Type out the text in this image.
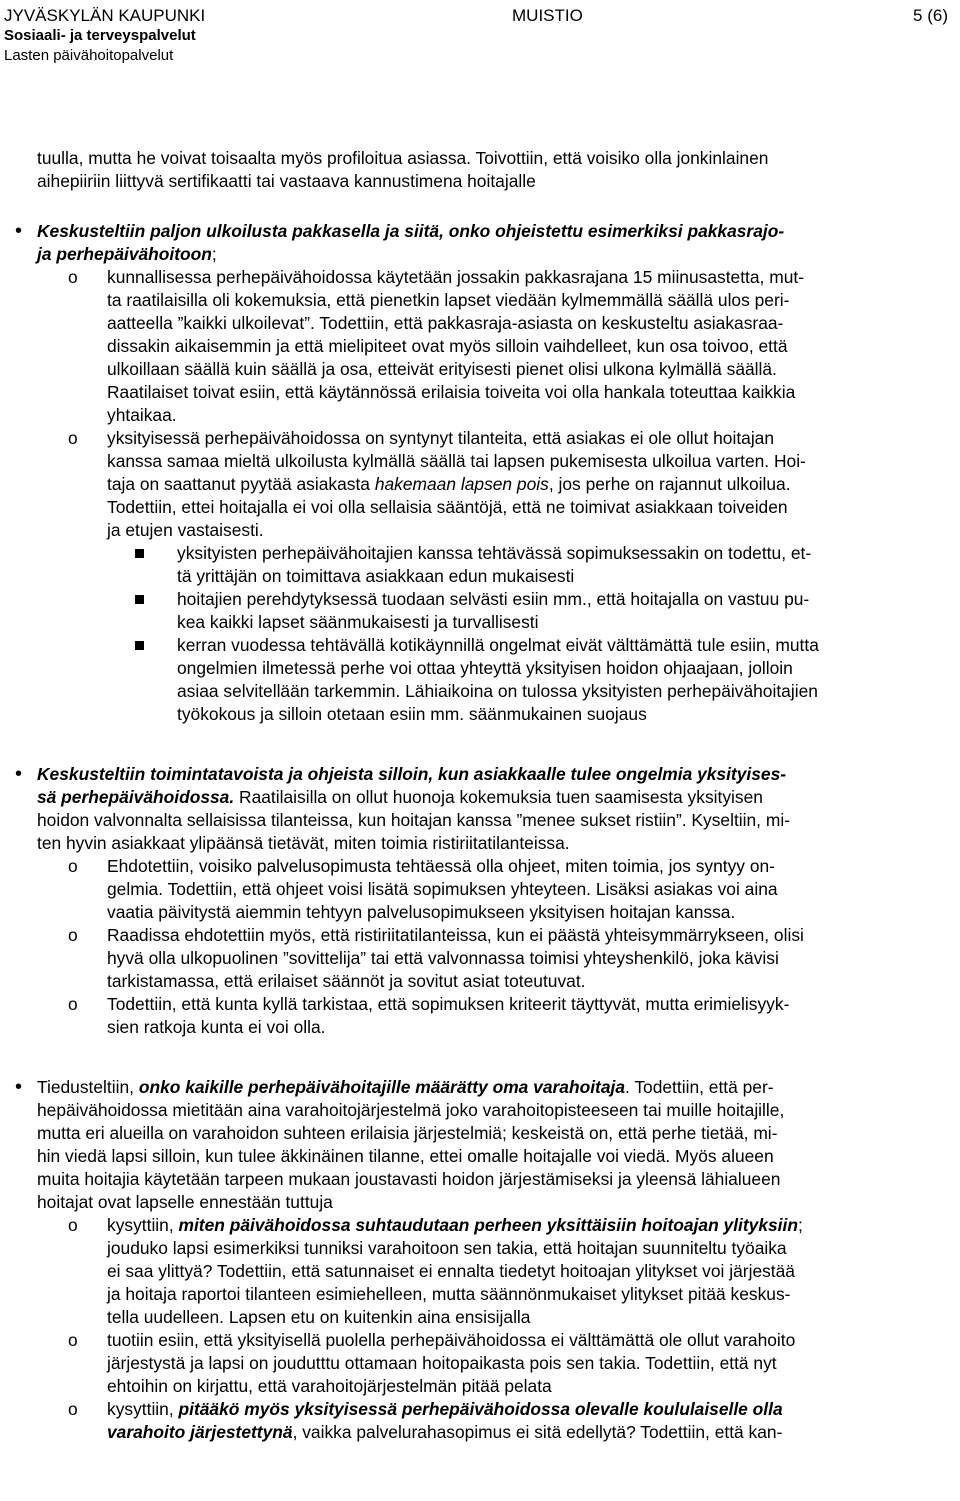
JYVÄSKYLÄN KAUPUNKI	MUISTIO	5 (6)
Sosiaali- ja terveyspalvelut
Lasten päivähoitopalvelut
tuulla, mutta he voivat toisaalta myös profiloitua asiassa. Toivottiin, että voisiko olla jonkinlainen
aihepiiriin liittyvä sertifikaatti tai vastaava kannustimena hoitajalle
• Keskusteltiin paljon ulkoilusta pakkasella ja siitä, onko ohjeistettu esimerkiksi pakkasrajo-
ja perhepäivähoitoon;
o kunnallisessa perhepäivähoidossa käytetään jossakin pakkasrajana 15 miinusastetta, mut-
ta raatilaisilla oli kokemuksia, että pienetkin lapset viedään kylmemmällä säällä ulos peri-
aatteella ”kaikki ulkoilevat”. Todettiin, että pakkasraja-asiasta on keskusteltu asiakasraa-
dissakin aikaisemmin ja että mielipiteet ovat myös silloin vaihdelleet, kun osa toivoo, että
ulkoillaan säällä kuin säällä ja osa, etteivät erityisesti pienet olisi ulkona kylmällä säällä.
Raatilaiset toivat esiin, että käytännössä erilaisia toiveita voi olla hankala toteuttaa kaikkia
yhtaikaa.
o yksityisessä perhepäivähoidossa on syntynyt tilanteita, että asiakas ei ole ollut hoitajan
kanssa samaa mieltä ulkoilusta kylmällä säällä tai lapsen pukemisesta ulkoilua varten. Hoi-
taja on saattanut pyytää asiakasta hakemaan lapsen pois, jos perhe on rajannut ulkoilua.
Todettiin, ettei hoitajalla ei voi olla sellaisia sääntöjä, että ne toimivat asiakkaan toiveiden
ja etujen vastaisesti.
yksityisten perhepäivähoitajien kanssa tehtävässä sopimuksessakin on todettu, et-
tä yrittäjän on toimittava asiakkaan edun mukaisesti
hoitajien perehdytyksessä tuodaan selvästi esiin mm., että hoitajalla on vastuu pu-
kea kaikki lapset säänmukaisesti ja turvallisesti
kerran vuodessa tehtävällä kotikäynnillä ongelmat eivät välttämättä tule esiin, mutta
ongelmien ilmetessä perhe voi ottaa yhteyttä yksityisen hoidon ohjaajaan, jolloin
asiaa selvitellään tarkemmin. Lähiaikoina on tulossa yksityisten perhepäivähoitajien
työkokous ja silloin otetaan esiin mm. säänmukainen suojaus
• Keskusteltiin toimintatavoista ja ohjeista silloin, kun asiakkaalle tulee ongelmia yksityises-
sä perhepäivähoidossa. Raatilaisilla on ollut huonoja kokemuksia tuen saamisesta yksityisen
hoidon valvonnalta sellaisissa tilanteissa, kun hoitajan kanssa ”menee sukset ristiin”. Kyseltiin, mi-
ten hyvin asiakkaat ylipäänsä tietävät, miten toimia ristiriitatilanteissa.
o Ehdotettiin, voisiko palvelusopimusta tehtäessä olla ohjeet, miten toimia, jos syntyy on-
gelmia. Todettiin, että ohjeet voisi lisätä sopimuksen yhteyteen. Lisäksi asiakas voi aina
vaatia päivitystä aiemmin tehtyyn palvelusopimukseen yksityisen hoitajan kanssa.
o Raadissa ehdotettiin myös, että ristiriitatilanteissa, kun ei päästä yhteisymmärrykseen, olisi
hyvä olla ulkopuolinen ”sovittelija” tai että valvonnassa toimisi yhteyshenkilö, joka kävisi
tarkistamassa, että erilaiset säännöt ja sovitut asiat toteutuvat.
o Todettiin, että kunta kyllä tarkistaa, että sopimuksen kriteerit täyttyvät, mutta erimielisyyk-
sien ratkoja kunta ei voi olla.
• Tiedusteltiin, onko kaikille perhepäivähoitajille määrätty oma varahoitaja. Todettiin, että per-
hepäivähoidossa mietitään aina varahoitojärjestelmä joko varahoitopisteeseen tai muille hoitajille,
mutta eri alueilla on varahoidon suhteen erilaisia järjestelmiä; keskeistä on, että perhe tietää, mi-
hin viedä lapsi silloin, kun tulee äkkinäinen tilanne, ettei omalle hoitajalle voi viedä. Myös alueen
muita hoitajia käytetään tarpeen mukaan joustavasti hoidon järjestämiseksi ja yleensä lähialueen
hoitajat ovat lapselle ennestään tuttuja
o kysyttiin, miten päivähoidossa suhtaudutaan perheen yksittäisiin hoitoajan ylityksiin;
jouduko lapsi esimerkiksi tunniksi varahoitoon sen takia, että hoitajan suunniteltu työaika
ei saa ylittyä? Todettiin, että satunnaiset ei ennalta tiedetyt hoitoajan ylitykset voi järjestää
ja hoitaja raportoi tilanteen esimiehelleen, mutta säännönmukaiset ylitykset pitää keskus-
tella uudelleen. Lapsen etu on kuitenkin aina ensisijalla
o tuotiin esiin, että yksityisellä puolella perhepäivähoidossa ei välttämättä ole ollut varahoito
järjestystä ja lapsi on joudutttu ottamaan hoitopaikasta pois sen takia. Todettiin, että nyt
ehtoihin on kirjattu, että varahoitojärjestelmän pitää pelata
o kysyttiin, pitääkö myös yksityisessä perhepäivähoidossa olevalle koululaiselle olla
varahoito järjestettynä, vaikka palvelurahasopimus ei sitä edellytä? Todettiin, että kan-
